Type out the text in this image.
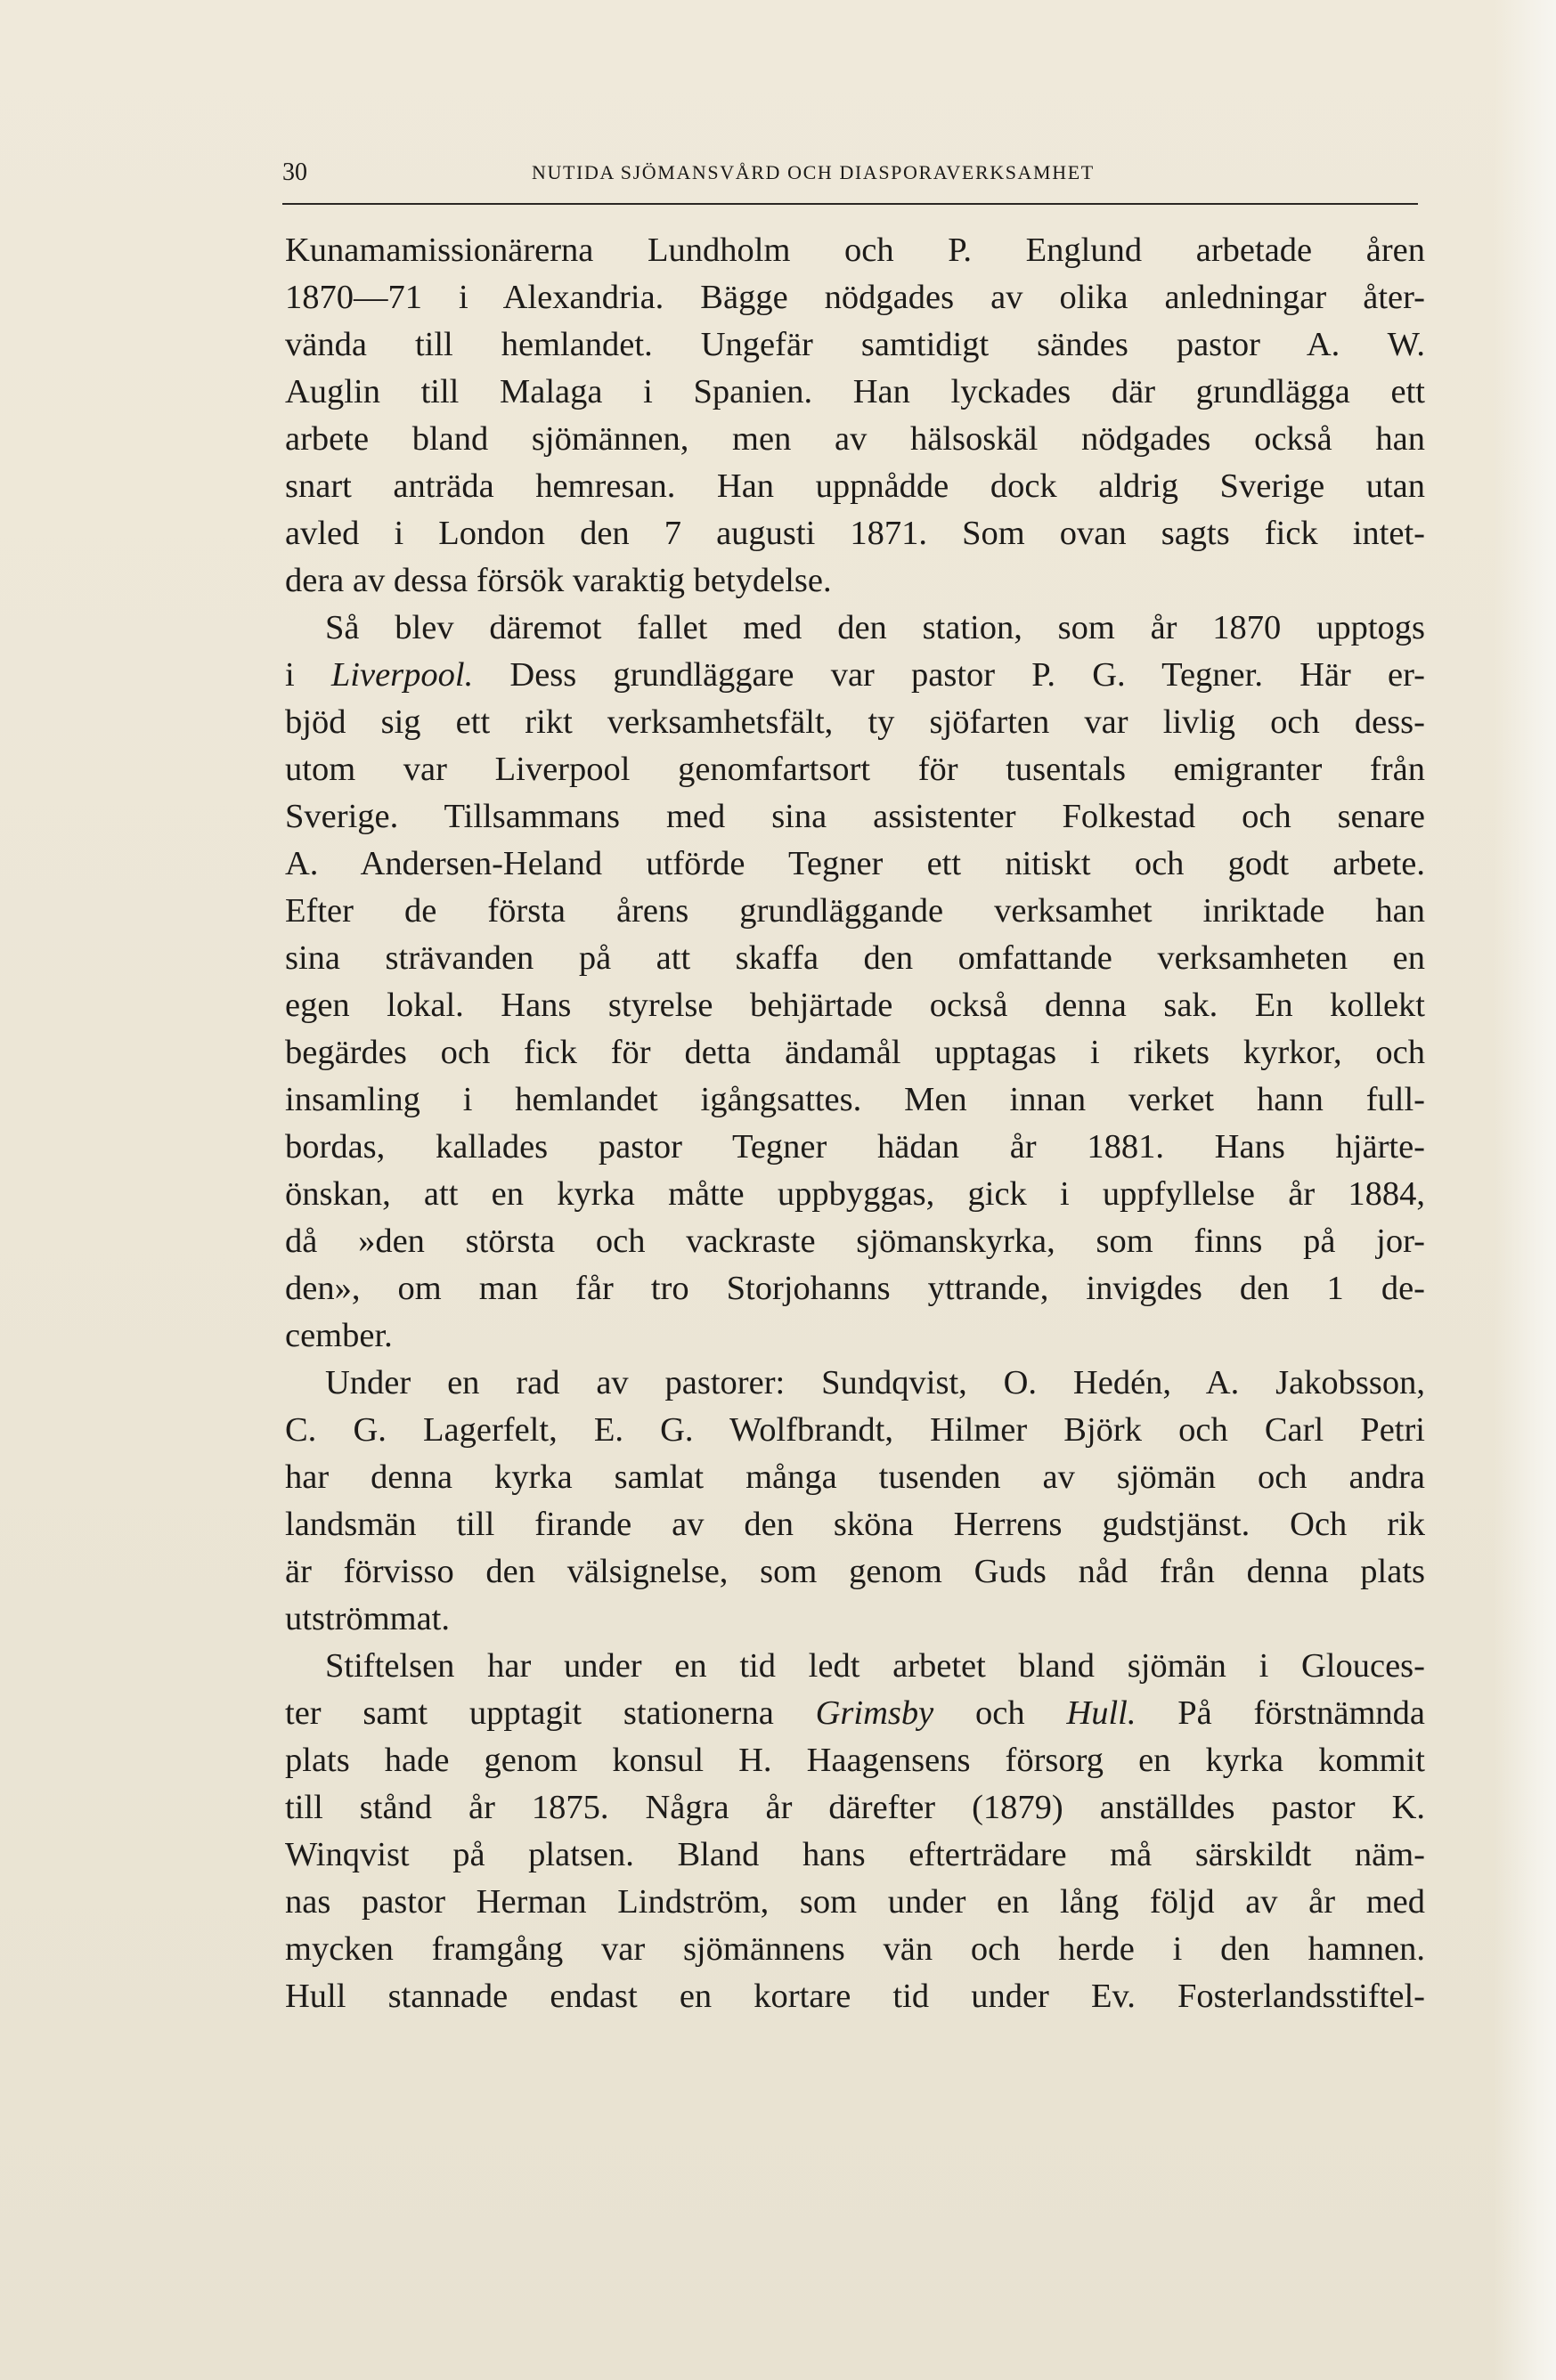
30	NUTIDA SJÖMANSVÅRD OCH DIASPORAVERKSAMHET
Kunamamissionärerna Lundholm och P. Englund arbetade åren
1870—71 i Alexandria. Bägge nödgades av olika anledningar åter-
vända till hemlandet. Ungefär samtidigt sändes pastor A. W.
Auglin till Malaga i Spanien. Han lyckades där grundlägga ett
arbete bland sjömännen, men av hälsoskäl nödgades också han
snart anträda hemresan. Han uppnådde dock aldrig Sverige utan
avled i London den 7 augusti 1871. Som ovan sagts fick intet-
dera av dessa försök varaktig betydelse.
Så blev däremot fallet med den station, som år 1870 upptogs
i Liverpool. Dess grundläggare var pastor P. G. Tegner. Här er-
bjöd sig ett rikt verksamhetsfält, ty sjöfarten var livlig och dess-
utom var Liverpool genomfartsort för tusentals emigranter från
Sverige. Tillsammans med sina assistenter Folkestad och senare
A. Andersen-Heland utförde Tegner ett nitiskt och godt arbete.
Efter de första årens grundläggande verksamhet inriktade han
sina strävanden på att skaffa den omfattande verksamheten en
egen lokal. Hans styrelse behjärtade också denna sak. En kollekt
begärdes och fick för detta ändamål upptagas i rikets kyrkor, och
insamling i hemlandet igångsattes. Men innan verket hann full-
bordas, kallades pastor Tegner hädan år 1881. Hans hjärte-
önskan, att en kyrka måtte uppbyggas, gick i uppfyllelse år 1884,
då »den största och vackraste sjömanskyrka, som finns på jor-
den», om man får tro Storjohanns yttrande, invigdes den 1 de-
cember.
Under en rad av pastorer: Sundqvist, O. Hedén, A. Jakobsson,
C. G. Lagerfelt, E. G. Wolfbrandt, Hilmer Björk och Carl Petri
har denna kyrka samlat många tusenden av sjömän och andra
landsmän till firande av den sköna Herrens gudstjänst. Och rik
är förvisso den välsignelse, som genom Guds nåd från denna plats
utströmmat.
Stiftelsen har under en tid ledt arbetet bland sjömän i Glouces-
ter samt upptagit stationerna Grimsby och Hull. På förstnämnda
plats hade genom konsul H. Haagensens försorg en kyrka kommit
till stånd år 1875. Några år därefter (1879) anställdes pastor K.
Winqvist på platsen. Bland hans efterträdare må särskildt näm-
nas pastor Herman Lindström, som under en lång följd av år med
mycken framgång var sjömännens vän och herde i den hamnen.
Hull stannade endast en kortare tid under Ev. Fosterlandsstiftel-
